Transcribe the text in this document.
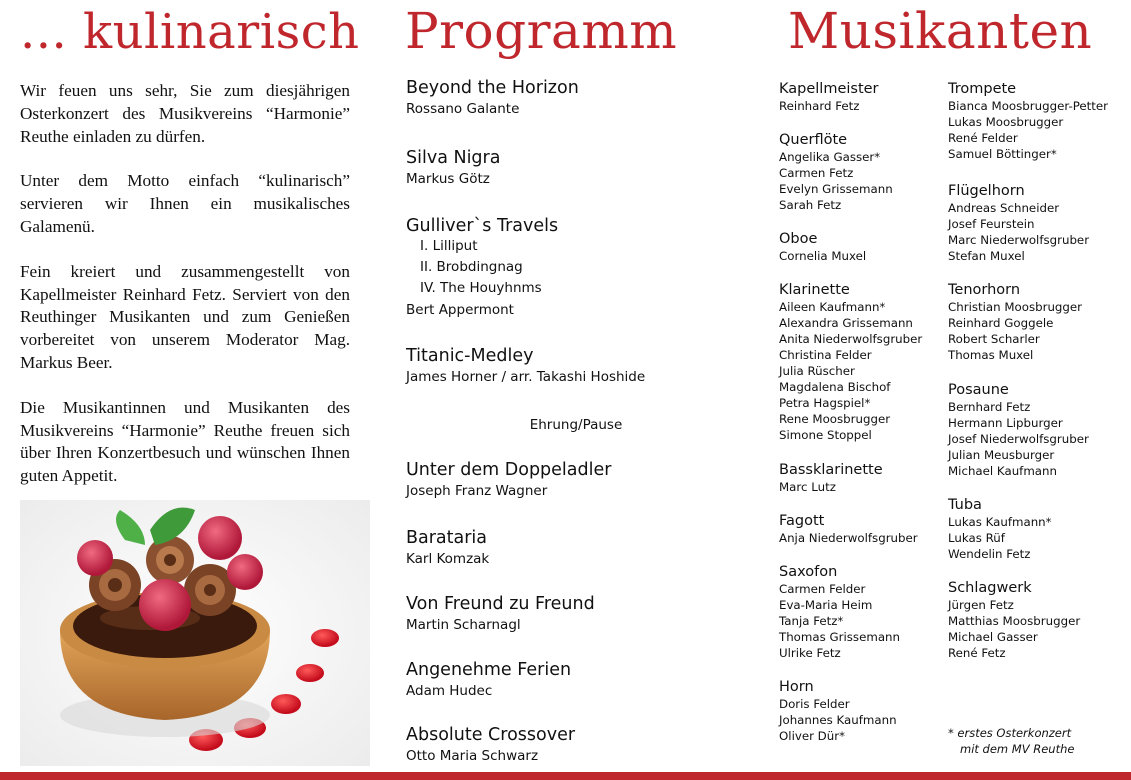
... kulinarisch Programm Musikanten

Wir feuen uns sehr, Sie zum diesjährigen Osterkonzert des Musikvereins “Harmonie” Reuthe einladen zu dürfen.

Unter dem Motto einfach “kulinarisch” servieren wir Ihnen ein musikalisches Galamenü.

Fein kreiert und zusammengestellt von Kapellmeister Reinhard Fetz. Serviert von den Reuthinger Musikanten und zum Genießen vorbereitet von unserem Moderator Mag. Markus Beer.

Die Musikantinnen und Musikanten des Musikvereins “Harmonie” Reuthe freuen sich über Ihren Konzertbesuch und wünschen Ihnen guten Appetit.

Beyond the Horizon
Rossano Galante
Silva Nigra
Markus Götz
Gulliver`s Travels
I. Lilliput
II. Brobdingnag
IV. The Houyhnms
Bert Appermont
Titanic-Medley
James Horner / arr. Takashi Hoshide
Ehrung/Pause
Unter dem Doppeladler
Joseph Franz Wagner
Barataria
Karl Komzak
Von Freund zu Freund
Martin Scharnagl
Angenehme Ferien
Adam Hudec
Absolute Crossover
Otto Maria Schwarz
Kapellmeister
Reinhard Fetz
Querflöte
Angelika Gasser*
Carmen Fetz
Evelyn Grissemann
Sarah Fetz
Oboe
Cornelia Muxel
Klarinette
Aileen Kaufmann*
Alexandra Grissemann
Anita Niederwolfsgruber
Christina Felder
Julia Rüscher
Magdalena Bischof
Petra Hagspiel*
Rene Moosbrugger
Simone Stoppel
Bassklarinette
Marc Lutz
Fagott
Anja Niederwolfsgruber
Saxofon
Carmen Felder
Eva-Maria Heim
Tanja Fetz*
Thomas Grissemann
Ulrike Fetz
Horn
Doris Felder
Johannes Kaufmann
Oliver Dür*
Trompete
Bianca Moosbrugger-Petter
Lukas Moosbrugger
René Felder
Samuel Böttinger*
Flügelhorn
Andreas Schneider
Josef Feurstein
Marc Niederwolfsgruber
Stefan Muxel
Tenorhorn
Christian Moosbrugger
Reinhard Goggele
Robert Scharler
Thomas Muxel
Posaune
Bernhard Fetz
Hermann Lipburger
Josef Niederwolfsgruber
Julian Meusburger
Michael Kaufmann
Tuba
Lukas Kaufmann*
Lukas Rüf
Wendelin Fetz
Schlagwerk
Jürgen Fetz
Matthias Moosbrugger
Michael Gasser
René Fetz
* erstes Osterkonzert
mit dem MV Reuthe
